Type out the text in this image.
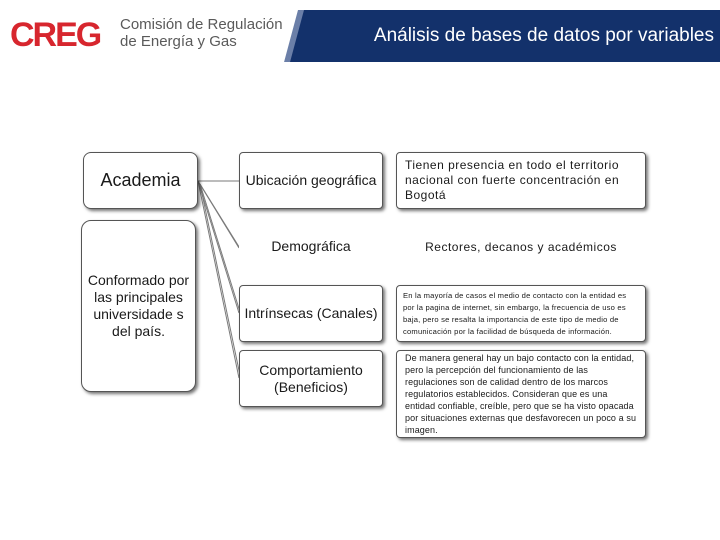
CREG Comisión de Regulación
de Energía y Gas	Análisis de bases de datos por variables
Academia
Conformado por las principales universidade s del país.
Ubicación geográfica
Demográfica
Intrínsecas (Canales)
Comportamiento (Beneficios)
Tienen presencia en todo el territorio nacional con fuerte concentración en Bogotá
Rectores, decanos y académicos
En la mayoría de casos el medio de contacto con la entidad es por la pagina de internet, sin embargo, la frecuencia de uso es baja, pero se resalta la importancia de este tipo de medio de comunicación por la facilidad de búsqueda de información.
De manera general hay un bajo contacto con la entidad, pero la percepción del funcionamiento de las regulaciones son de calidad dentro de los marcos regulatorios establecidos. Consideran que es una entidad confiable, creíble, pero que se ha visto opacada por situaciones externas que desfavorecen un poco a su imagen.
